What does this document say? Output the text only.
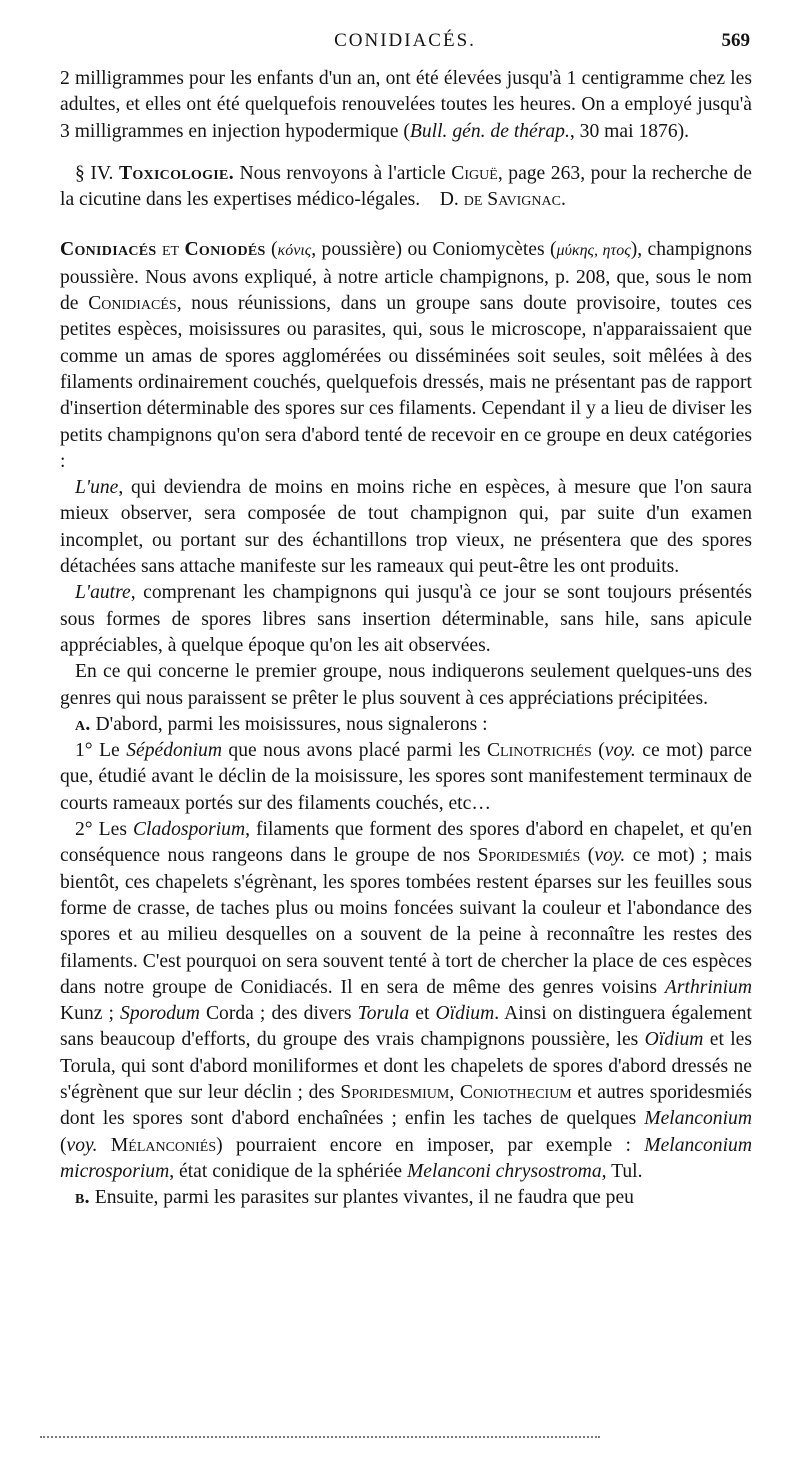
CONIDIACÉS.	569

2 milligrammes pour les enfants d'un an, ont été élevées jusqu'à 1 centigramme chez les adultes, et elles ont été quelquefois renouvelées toutes les heures. On a employé jusqu'à 3 milligrammes en injection hypodermique (Bull. gén. de thérap., 30 mai 1876).

§ IV. Toxicologie. Nous renvoyons à l'article Ciguë, page 263, pour la recherche de la cicutine dans les expertises médico-légales. D. de Savignac.

Conidiacés et Coniodés (κόνις, poussière) ou Coniomycètes (μύκης, ητος), champignons poussière. Nous avons expliqué, à notre article champignons, p. 208, que, sous le nom de Conidiacés, nous réunissions, dans un groupe sans doute provisoire, toutes ces petites espèces, moisissures ou parasites, qui, sous le microscope, n'apparaissaient que comme un amas de spores agglomérées ou disséminées soit seules, soit mêlées à des filaments ordinairement couchés, quelquefois dressés, mais ne présentant pas de rapport d'insertion déterminable des spores sur ces filaments. Cependant il y a lieu de diviser les petits champignons qu'on sera d'abord tenté de recevoir en ce groupe en deux catégories :

L'une, qui deviendra de moins en moins riche en espèces, à mesure que l'on saura mieux observer, sera composée de tout champignon qui, par suite d'un examen incomplet, ou portant sur des échantillons trop vieux, ne présentera que des spores détachées sans attache manifeste sur les rameaux qui peut-être les ont produits.

L'autre, comprenant les champignons qui jusqu'à ce jour se sont toujours présentés sous formes de spores libres sans insertion déterminable, sans hile, sans apicule appréciables, à quelque époque qu'on les ait observées.

En ce qui concerne le premier groupe, nous indiquerons seulement quelques-uns des genres qui nous paraissent se prêter le plus souvent à ces appréciations précipitées.

a. D'abord, parmi les moisissures, nous signalerons :

1° Le Sépédonium que nous avons placé parmi les Clinotrichés (voy. ce mot) parce que, étudié avant le déclin de la moisissure, les spores sont manifestement terminaux de courts rameaux portés sur des filaments couchés, etc…

2° Les Cladosporium, filaments que forment des spores d'abord en chapelet, et qu'en conséquence nous rangeons dans le groupe de nos Sporidesmiés (voy. ce mot) ; mais bientôt, ces chapelets s'égrènant, les spores tombées restent éparses sur les feuilles sous forme de crasse, de taches plus ou moins foncées suivant la couleur et l'abondance des spores et au milieu desquelles on a souvent de la peine à reconnaître les restes des filaments. C'est pourquoi on sera souvent tenté à tort de chercher la place de ces espèces dans notre groupe de Conidiacés. Il en sera de même des genres voisins Arthrinium Kunz ; Sporodum Corda ; des divers Torula et Oïdium. Ainsi on distinguera également sans beaucoup d'efforts, du groupe des vrais champignons poussière, les Oïdium et les Torula, qui sont d'abord moniliformes et dont les chapelets de spores d'abord dressés ne s'égrènent que sur leur déclin ; des Sporidesmium, Coniothecium et autres sporidesmiés dont les spores sont d'abord enchaînées ; enfin les taches de quelques Melanconium (voy. Mélanconiés) pourraient encore en imposer, par exemple : Melanconium microsporium, état conidique de la sphériée Melanconi chrysostroma, Tul.

b. Ensuite, parmi les parasites sur plantes vivantes, il ne faudra que peu
